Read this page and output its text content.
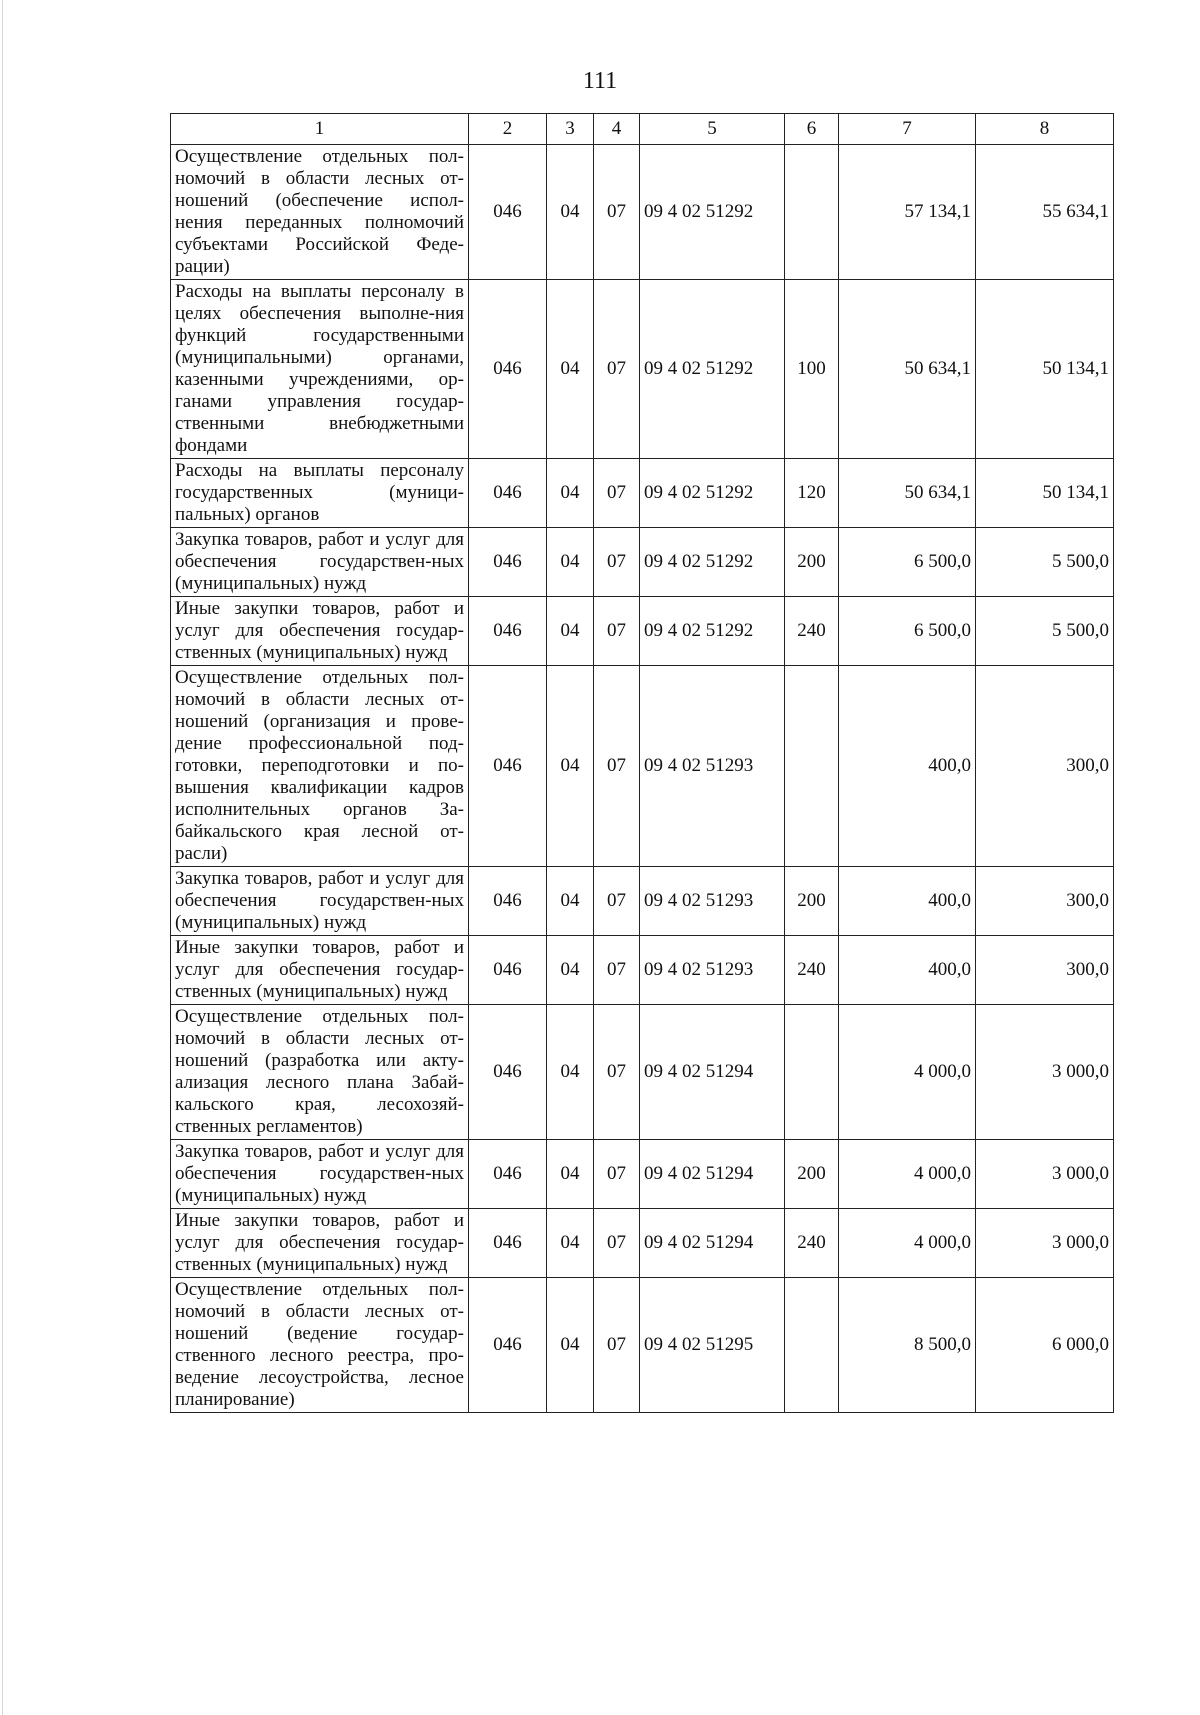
111
1	2	3	4	5	6	7	8
Осуществление отдельных пол-номочий в области лесных от-ношений (обеспечение испол-нения переданных полномочий субъектами Российской Феде-рации)	046	04	07	09 4 02 51292		57 134,1	55 634,1
Расходы на выплаты персоналу в целях обеспечения выполне-ния функций государственными (муниципальными) органами, казенными учреждениями, ор-ганами управления государ-ственными внебюджетными фондами	046	04	07	09 4 02 51292	100	50 634,1	50 134,1
Расходы на выплаты персоналу государственных (муници-пальных) органов	046	04	07	09 4 02 51292	120	50 634,1	50 134,1
Закупка товаров, работ и услуг для обеспечения государствен-ных (муниципальных) нужд	046	04	07	09 4 02 51292	200	6 500,0	5 500,0
Иные закупки товаров, работ и услуг для обеспечения государ-ственных (муниципальных) нужд	046	04	07	09 4 02 51292	240	6 500,0	5 500,0
Осуществление отдельных пол-номочий в области лесных от-ношений (организация и прове-дение профессиональной под-готовки, переподготовки и по-вышения квалификации кадров исполнительных органов За-байкальского края лесной от-расли)	046	04	07	09 4 02 51293		400,0	300,0
Закупка товаров, работ и услуг для обеспечения государствен-ных (муниципальных) нужд	046	04	07	09 4 02 51293	200	400,0	300,0
Иные закупки товаров, работ и услуг для обеспечения государ-ственных (муниципальных) нужд	046	04	07	09 4 02 51293	240	400,0	300,0
Осуществление отдельных пол-номочий в области лесных от-ношений (разработка или акту-ализация лесного плана Забай-кальского края, лесохозяй-ственных регламентов)	046	04	07	09 4 02 51294		4 000,0	3 000,0
Закупка товаров, работ и услуг для обеспечения государствен-ных (муниципальных) нужд	046	04	07	09 4 02 51294	200	4 000,0	3 000,0
Иные закупки товаров, работ и услуг для обеспечения государ-ственных (муниципальных) нужд	046	04	07	09 4 02 51294	240	4 000,0	3 000,0
Осуществление отдельных пол-номочий в области лесных от-ношений (ведение государ-ственного лесного реестра, про-ведение лесоустройства, лесное планирование)	046	04	07	09 4 02 51295		8 500,0	6 000,0
